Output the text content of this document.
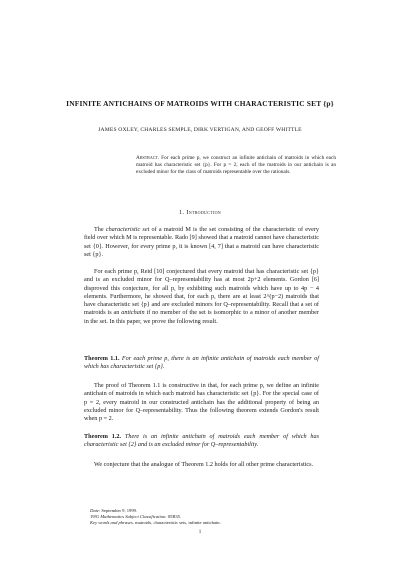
INFINITE ANTICHAINS OF MATROIDS WITH CHARACTERISTIC SET {p}
JAMES OXLEY, CHARLES SEMPLE, DIRK VERTIGAN, AND GEOFF WHITTLE
Abstract. For each prime p, we construct an infinite antichain of matroids in which each matroid has characteristic set {p}. For p = 2, each of the matroids in our antichain is an excluded minor for the class of matroids representable over the rationals.
1. Introduction
The characteristic set of a matroid M is the set consisting of the characteristic of every field over which M is representable. Rado [9] showed that a matroid cannot have characteristic set {0}. However, for every prime p, it is known [4, 7] that a matroid can have characteristic set {p}.
For each prime p, Reid [10] conjectured that every matroid that has characteristic set {p} and is an excluded minor for Q–representability has at most 2p+2 elements. Gordon [6] disproved this conjecture, for all p, by exhibiting such matroids which have up to 4p − 4 elements. Furthermore, he showed that, for each p, there are at least 2^(p−2) matroids that have characteristic set {p} and are excluded minors for Q–representability. Recall that a set of matroids is an antichain if no member of the set is isomorphic to a minor of another member in the set. In this paper, we prove the following result.
Theorem 1.1. For each prime p, there is an infinite antichain of matroids each member of which has characteristic set {p}.
The proof of Theorem 1.1 is constructive in that, for each prime p, we define an infinite antichain of matroids in which each matroid has characteristic set {p}. For the special case of p = 2, every matroid in our constructed antichain has the additional property of being an excluded minor for Q–representability. Thus the following theorem extends Gordon's result when p = 2.
Theorem 1.2. There is an infinite antichain of matroids each member of which has characteristic set {2} and is an excluded minor for Q–representability.
We conjecture that the analogue of Theorem 1.2 holds for all other prime characteristics.
Date: September 9, 1999.
1991 Mathematics Subject Classification. 05B35.
Key words and phrases. matroids, characteristic sets, infinite antichain.
1
